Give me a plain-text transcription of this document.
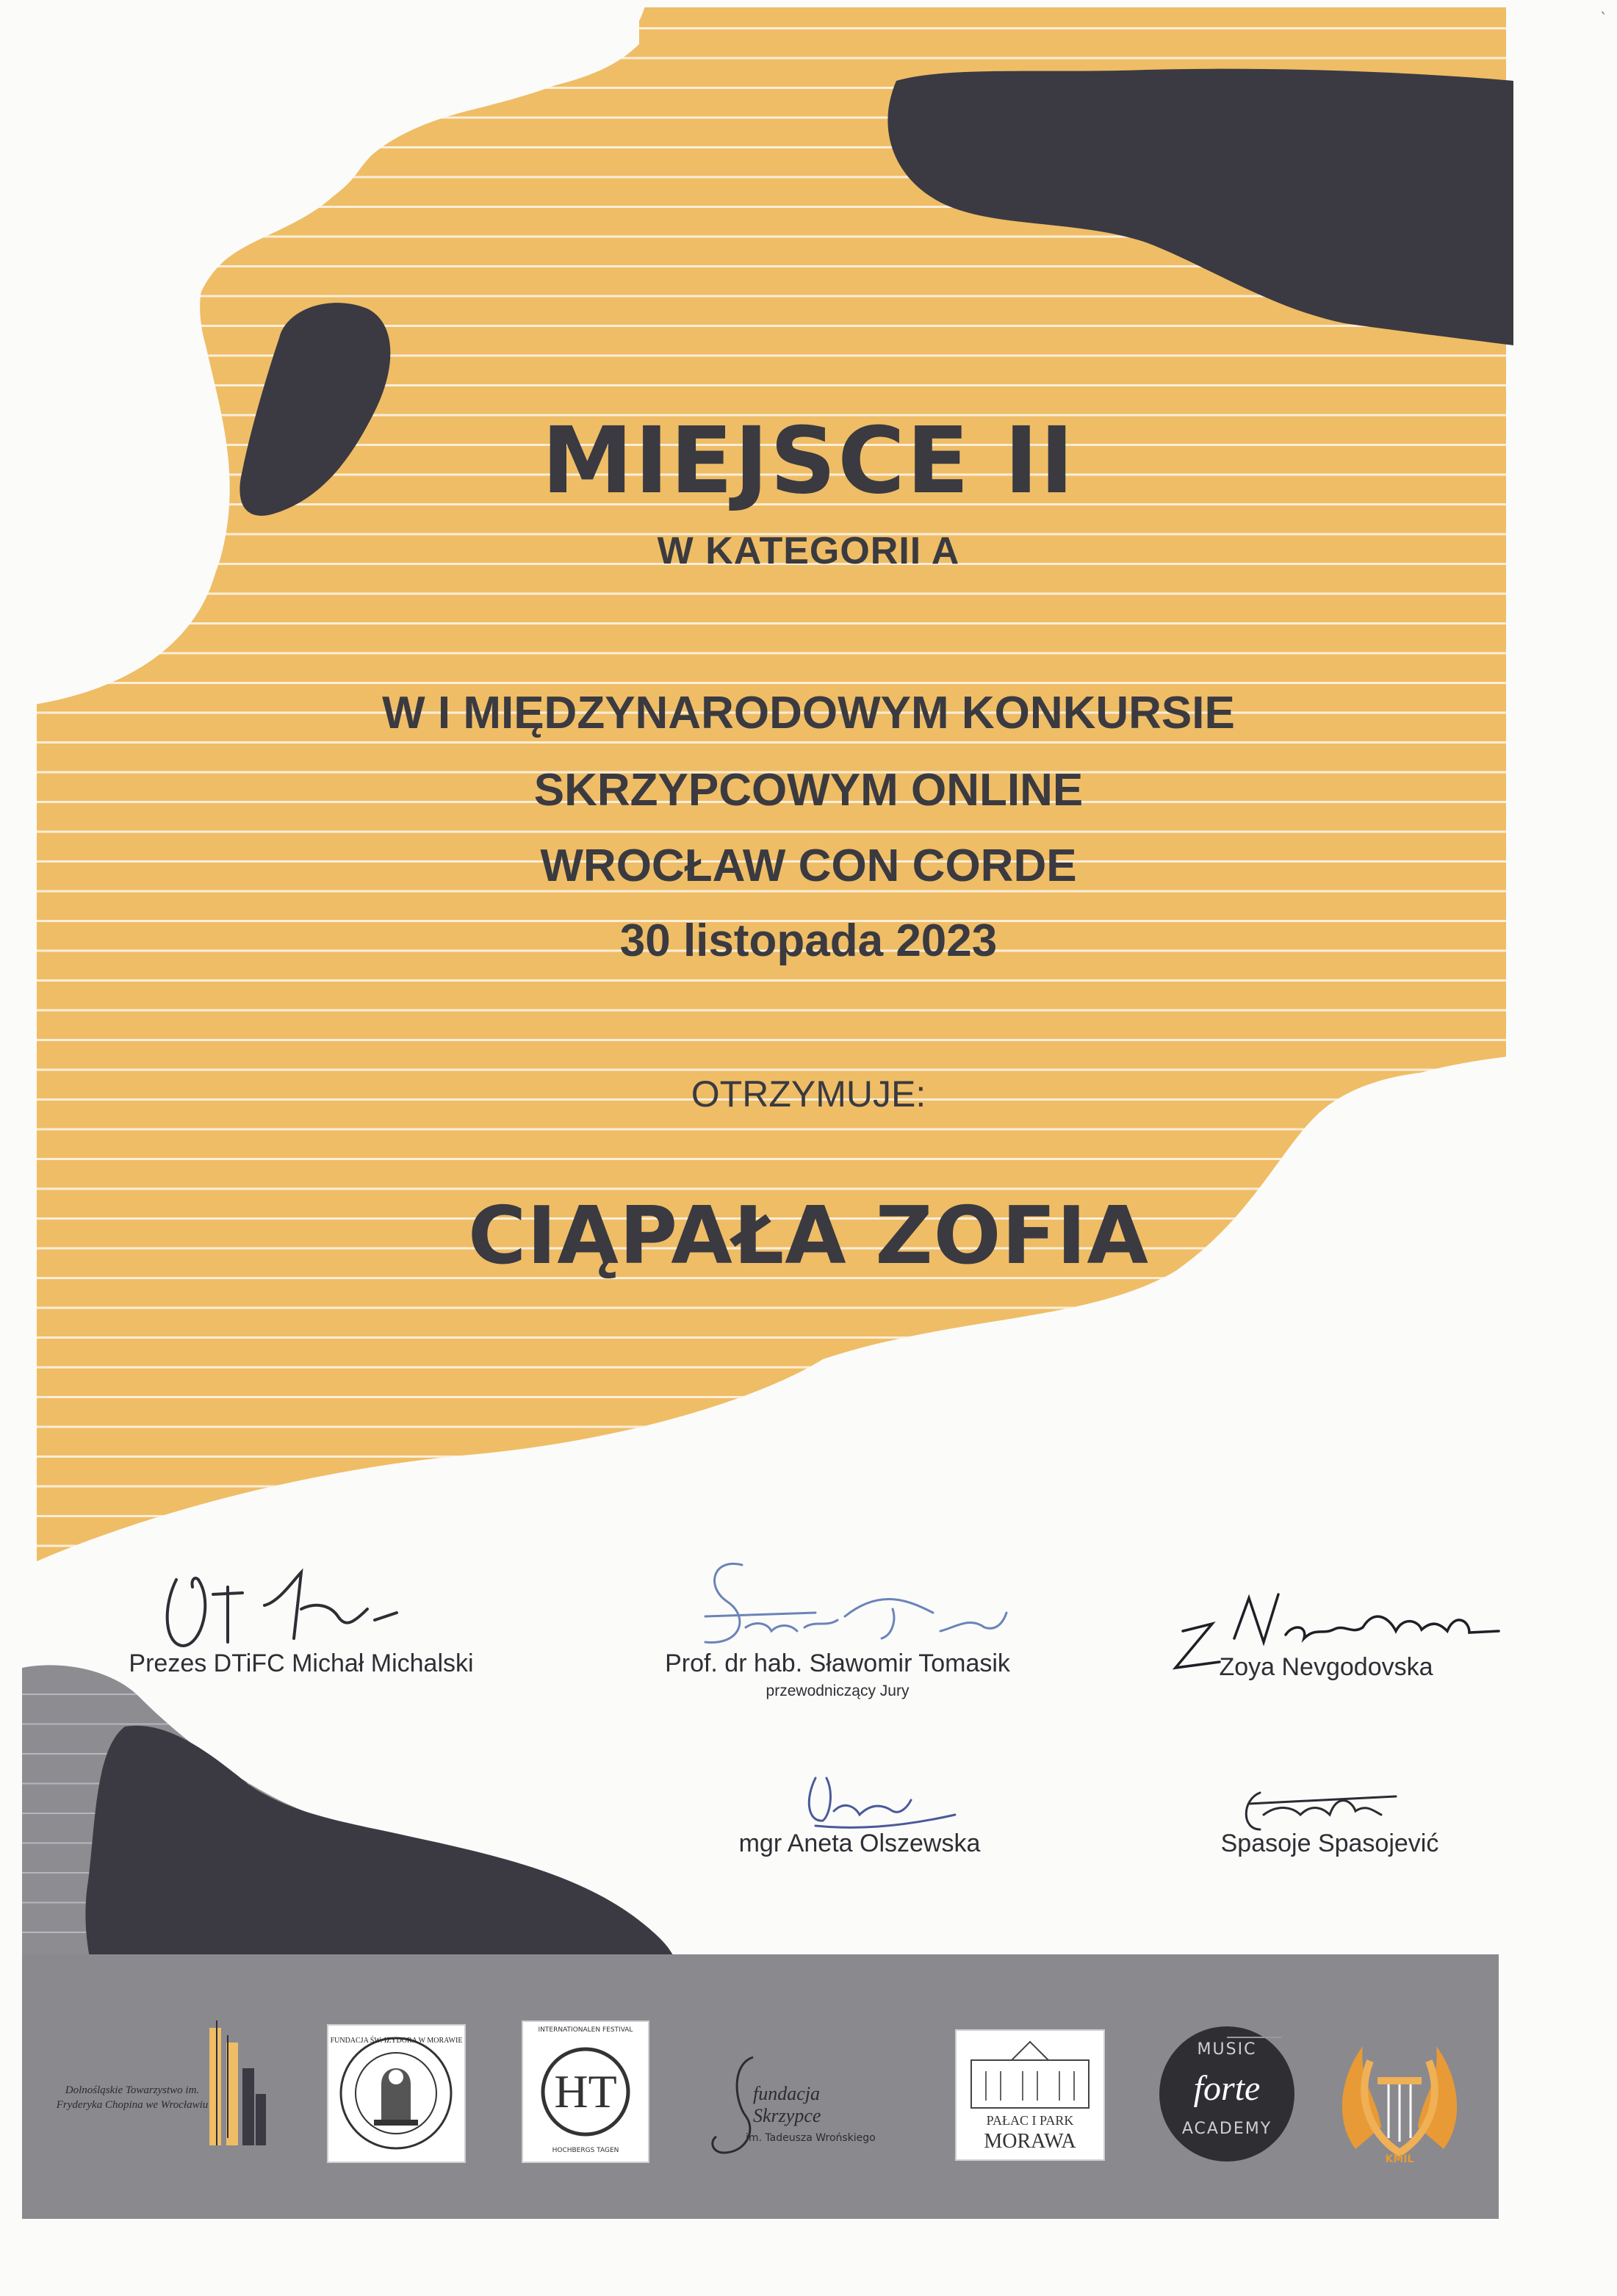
ˋ
MIEJSCE II
W KATEGORII A
W I MIĘDZYNARODOWYM KONKURSIE
SKRZYPCOWYM ONLINE
WROCŁAW CON CORDE
30 listopada 2023
OTRZYMUJE:
CIĄPAŁA ZOFIA
Prezes DTiFC Michał Michalski	Prof. dr hab. Sławomir Tomasik
przewodniczący Jury
Zoya Nevgodovska
mgr Aneta Olszewska	Spasoje Spasojević
Dolnośląskie Towarzystwo im. Fryderyka Chopina we Wrocławiu
FUNDACJA ŚW. IZYDORA W MORAWIE
INTERNATIONALEN FESTIVAL
HT
HOCHBERGS TAGEN
fundacja
Skrzypce
im. Tadeusza Wrońskiego
PAŁAC I PARK
MORAWA
MUSIC
forte
ACADEMY
KMIL
